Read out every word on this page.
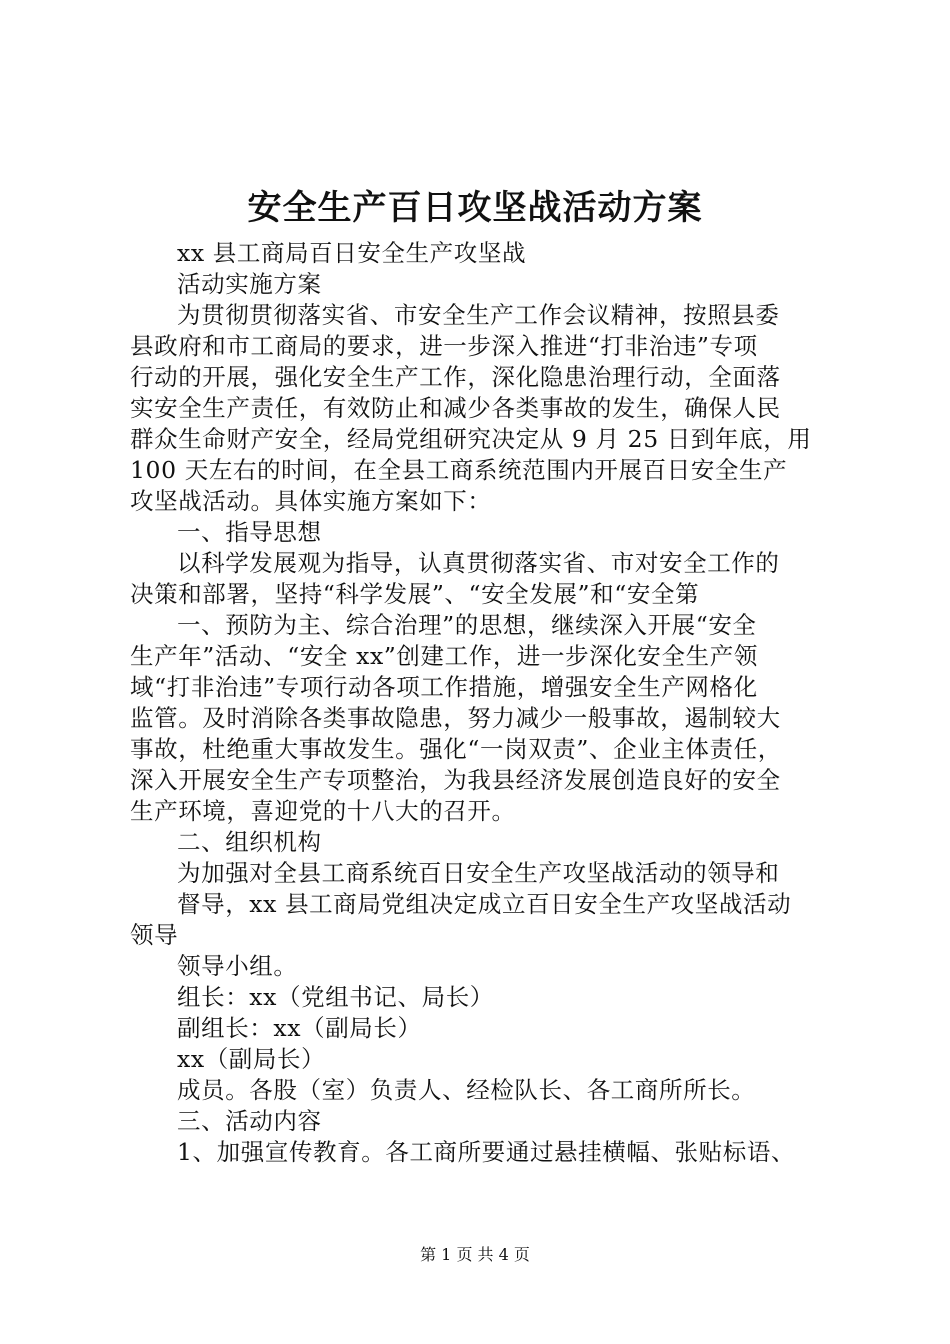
安全生产百日攻坚战活动方案
xx 县工商局百日安全生产攻坚战
活动实施方案
为贯彻贯彻落实省、市安全生产工作会议精神，按照县委
县政府和市工商局的要求，进一步深入推进“打非治违”专项
行动的开展，强化安全生产工作，深化隐患治理行动，全面落
实安全生产责任，有效防止和减少各类事故的发生，确保人民
群众生命财产安全，经局党组研究决定从 9 月 25 日到年底，用
100 天左右的时间，在全县工商系统范围内开展百日安全生产
攻坚战活动。具体实施方案如下：
一、指导思想
以科学发展观为指导，认真贯彻落实省、市对安全工作的
决策和部署，坚持“科学发展”、“安全发展”和“安全第
一、预防为主、综合治理”的思想，继续深入开展“安全
生产年”活动、“安全 xx”创建工作，进一步深化安全生产领
域“打非治违”专项行动各项工作措施，增强安全生产网格化
监管。及时消除各类事故隐患，努力减少一般事故，遏制较大
事故，杜绝重大事故发生。强化“一岗双责”、企业主体责任，
深入开展安全生产专项整治，为我县经济发展创造良好的安全
生产环境，喜迎党的十八大的召开。
二、组织机构
为加强对全县工商系统百日安全生产攻坚战活动的领导和
督导，xx 县工商局党组决定成立百日安全生产攻坚战活动
领导
领导小组。
组长：xx（党组书记、局长）
副组长：xx（副局长）
xx（副局长）
成员。各股（室）负责人、经检队长、各工商所所长。
三、活动内容
1、加强宣传教育。各工商所要通过悬挂横幅、张贴标语、
第 1 页 共 4 页
